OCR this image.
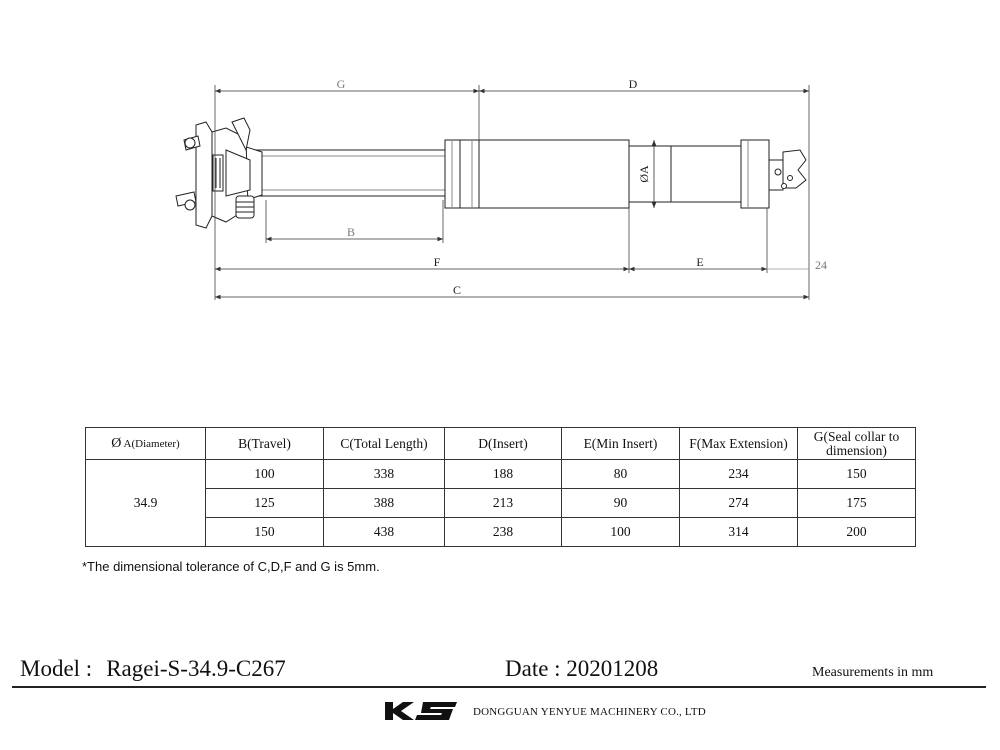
G	D
B
F	E	24
C
ØA
Ø A(Diameter)	B(Travel)	C(Total Length)	D(Insert)	E(Min Insert)	F(Max Extension)	G(Seal collar to
dimension)
34.9	100	338	188	80	234	150
	125	388	213	90	274	175
	150	438	238	100	314	200
*The dimensional tolerance of C,D,F and G is 5mm.
Model : Ragei-S-34.9-C267	Date : 20201208	Measurements in mm
DONGGUAN YENYUE MACHINERY CO., LTD
